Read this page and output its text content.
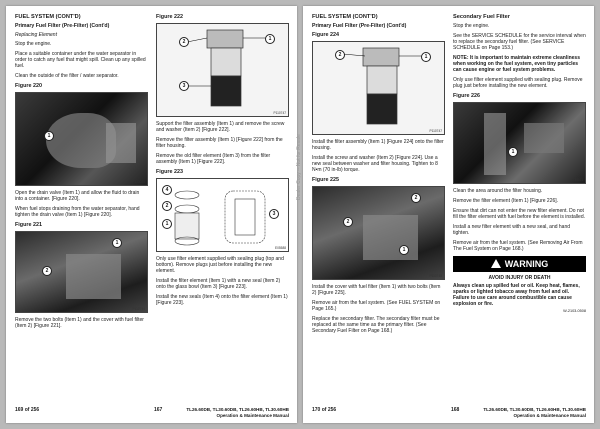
FUEL SYSTEM (CONT'D)
Primary Fuel Filter (Pre-Filter) (Cont'd)
Replacing Element

Stop the engine.

Place a suitable container under the water separator in order to catch any fuel that might spill. Clean up any spilled fuel.

Clean the outside of the filter / water separator.

Figure 220
1
P133025

Open the drain valve (Item 1) and allow the fluid to drain into a container. [Figure 220].

When fuel stops draining from the water separator, hand tighten the drain valve (Item 1) [Figure 220].

Figure 221
1
2
P110744

Remove the two bolts (Item 1) and the cover with fuel filter (Item 2) [Figure 221].

Figure 222
2	1
3
P110747

Support the filter assembly (Item 1) and remove the screw and washer (Item 2) [Figure 222].

Remove the filter assembly (Item 1) [Figure 222] from the filter housing.

Remove the old filter element (Item 3) from the filter assembly (Item 1) [Figure 222].

Figure 223
4
2
1
3
E05588

Only use filter element supplied with sealing plug (top and bottom). Remove plugs just before installing the new element.

Install the filter element (Item 1) with a new seal (Item 2) onto the glass bowl (Item 3) [Figure 223].

Install the new seals (Item 4) onto the filter element (Item 1) [Figure 223].

169 of 256	167	TL26.60DB, TL30.60DB, TL26.60HB, TL30.60HB
Operation & Maintenance Manual
Dealer Copy -- Not for Resale
FUEL SYSTEM (CONT'D)
Primary Fuel Filter (Pre-Filter) (Cont'd)
Figure 224
2	1
P110747

Install the filter assembly (Item 1) [Figure 224] onto the filter housing.

Install the screw and washer (Item 2) [Figure 224]. Use a new seal between washer and filter housing. Tighten to 8 N•m (70 in-lb) torque.

Figure 225
2
2
1
P110745

Install the cover with fuel filter (Item 1) with two bolts (Item 2) [Figure 225].

Remove air from the fuel system. (See FUEL SYSTEM on Page 165.)

Replace the secondary filter. The secondary filter must be replaced at the same time as the primary filter. (See Secondary Fuel Filter on Page 168.)

Secondary Fuel Filter

Stop the engine.

See the SERVICE SCHEDULE for the service interval when to replace the secondary fuel filter. (See SERVICE SCHEDULE on Page 153.)

NOTE: It is important to maintain extreme cleanliness when working on the fuel system, even tiny particles can cause engine or fuel system problems.

Only use filter element supplied with sealing plug. Remove plug just before installing the new element.

Figure 226
1
S38811

Clean the area around the filter housing.

Remove the filter element (Item 1) [Figure 226].

Ensure that dirt can not enter the new filter element. Do not fill the filter element with fuel before the element is installed.

Install a new filter element with a new seal, and hand tighten.

Remove air from the fuel system. (See Removing Air From The Fuel System on Page 168.)

WARNING
AVOID INJURY OR DEATH
Always clean up spilled fuel or oil. Keep heat, flames, sparks or lighted tobacco away from fuel and oil. Failure to use care around combustible can cause explosion or fire.
W-2103-0508
170 of 256	168	TL26.60DB, TL30.60DB, TL26.60HB, TL30.60HB
Operation & Maintenance Manual
